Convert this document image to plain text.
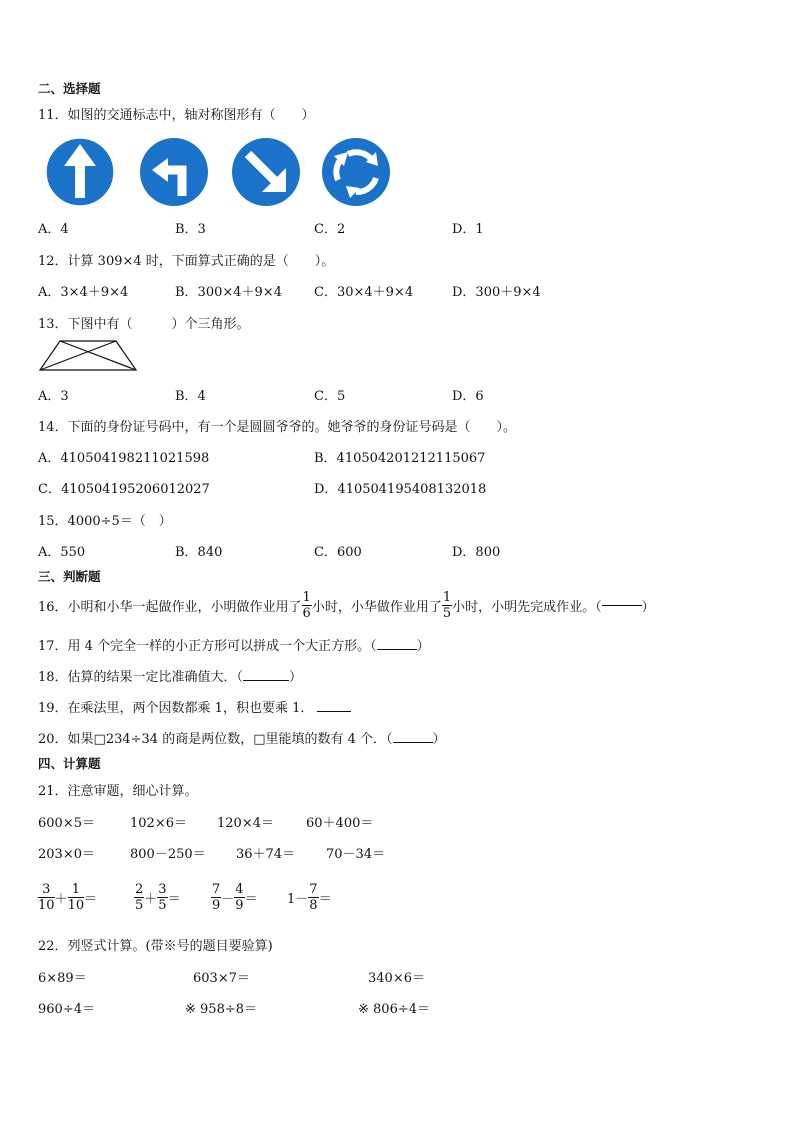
二、选择题
11．如图的交通标志中，轴对称图形有（　　）
A．4	B．3	C．2	D．1
12．计算 309×4 时，下面算式正确的是（　　）。
A．3×4＋9×4	B．300×4＋9×4 C．30×4＋9×4	D．300＋9×4
13．下图中有（　　　）个三角形。
A．3	B．4	C．5	D．6
14．下面的身份证号码中，有一个是圆圆爷爷的。她爷爷的身份证号码是（　　）。
A．410504198211021598	B．410504201212115067
C．410504195206012027	D．410504195408132018
15．4000÷5＝（　）
A．550	B．840	C．600	D．800
三、判断题
16．小明和小华一起做作业，小明做作业用了 $\frac{1}{6}$ 小时，小华做作业用了 $\frac{1}{5}$ 小时，小明先完成作业。（	）
17．用 4 个完全一样的小正方形可以拼成一个大正方形。（	）
18．估算的结果一定比准确值大．（	）
19．在乘法里，两个因数都乘 1，积也要乘 1．
20．如果□234÷34 的商是两位数，□里能填的数有 4 个．（	）
四、计算题
21．注意审题，细心计算。
600×5＝	102×6＝ 120×4＝ 60＋400＝
203×0＝	800－250＝ 36＋74＝ 70－34＝
$\frac{3}{10} + \frac{1}{10}$ ＝	$\frac{2}{5} + \frac{3}{5} = \frac{7}{9} - \frac{4}{9} = 1- \frac{7}{8}$ ＝
22．列竖式计算。(带※号的题目要验算)
6×89＝	603×7＝	340×6＝
960÷4＝	※ 958÷8＝	※ 806÷4＝
